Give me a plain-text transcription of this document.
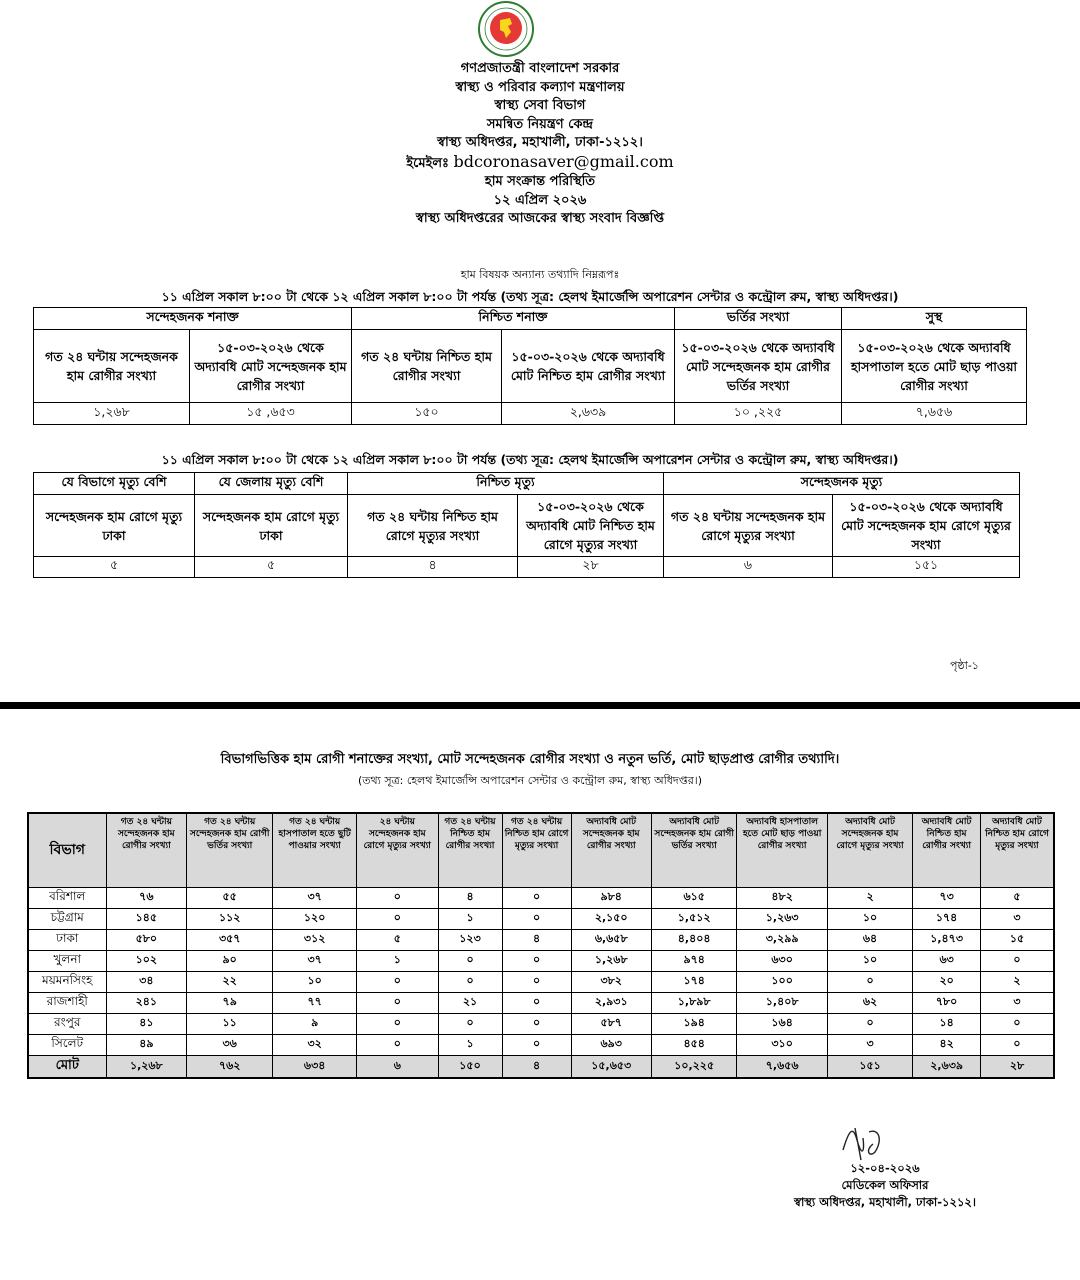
গণপ্রজাতন্ত্রী বাংলাদেশ সরকার
স্বাস্থ্য ও পরিবার কল্যাণ মন্ত্রণালয়
স্বাস্থ্য সেবা বিভাগ
সমন্বিত নিয়ন্ত্রণ কেন্দ্র
স্বাস্থ্য অধিদপ্তর, মহাখালী, ঢাকা-১২১২।
ইমেইলঃ bdcoronasaver@gmail.com
হাম সংক্রান্ত পরিস্থিতি
১২ এপ্রিল ২০২৬
স্বাস্থ্য অধিদপ্তরের আজকের স্বাস্থ্য সংবাদ বিজ্ঞপ্তি
হাম বিষয়ক অন্যান্য তথ্যাদি নিম্নরূপঃ
১১ এপ্রিল সকাল ৮:০০ টা থেকে ১২ এপ্রিল সকাল ৮:০০ টা পর্যন্ত (তথ্য সূত্র: হেলথ ইমার্জেন্সি অপারেশন সেন্টার ও কন্ট্রোল রুম, স্বাস্থ্য অধিদপ্তর।)
সন্দেহজনক শনাক্ত		নিশ্চিত শনাক্ত		ভর্তির সংখ্যা	সুস্থ
গত ২৪ ঘন্টায় সন্দেহজনক হাম রোগীর সংখ্যা	১৫-০৩-২০২৬ থেকে অদ্যাবধি মোট সন্দেহজনক হাম রোগীর সংখ্যা	গত ২৪ ঘন্টায় নিশ্চিত হাম রোগীর সংখ্যা	১৫-০৩-২০২৬ থেকে অদ্যাবধি মোট নিশ্চিত হাম রোগীর সংখ্যা	১৫-০৩-২০২৬ থেকে অদ্যাবধি মোট সন্দেহজনক হাম রোগীর ভর্তির সংখ্যা	১৫-০৩-২০২৬ থেকে অদ্যাবধি হাসপাতাল হতে মোট ছাড় পাওয়া রোগীর সংখ্যা
১,২৬৮	১৫ ,৬৫৩	১৫০	২,৬৩৯	১০ ,২২৫	৭,৬৫৬
১১ এপ্রিল সকাল ৮:০০ টা থেকে ১২ এপ্রিল সকাল ৮:০০ টা পর্যন্ত (তথ্য সূত্র: হেলথ ইমার্জেন্সি অপারেশন সেন্টার ও কন্ট্রোল রুম, স্বাস্থ্য অধিদপ্তর।)
যে বিভাগে মৃত্যু বেশি	যে জেলায় মৃত্যু বেশি	নিশ্চিত মৃত্যু		সন্দেহজনক মৃত্যু	
সন্দেহজনক হাম রোগে মৃত্যু ঢাকা	সন্দেহজনক হাম রোগে মৃত্যু ঢাকা	গত ২৪ ঘন্টায় নিশ্চিত হাম রোগে মৃত্যুর সংখ্যা	১৫-০৩-২০২৬ থেকে অদ্যাবধি মোট নিশ্চিত হাম রোগে মৃত্যুর সংখ্যা	গত ২৪ ঘন্টায় সন্দেহজনক হাম রোগে মৃত্যুর সংখ্যা	১৫-০৩-২০২৬ থেকে অদ্যাবধি মোট সন্দেহজনক হাম রোগে মৃত্যুর সংখ্যা
৫	৫	৪	২৮	৬	১৫১
পৃষ্ঠা-১
বিভাগভিত্তিক হাম রোগী শনাক্তের সংখ্যা, মোট সন্দেহজনক রোগীর সংখ্যা ও নতুন ভর্তি, মোট ছাড়প্রাপ্ত রোগীর তথ্যাদি।
(তথ্য সূত্র: হেলথ ইমার্জেন্সি অপারেশন সেন্টার ও কন্ট্রোল রুম, স্বাস্থ্য অধিদপ্তর।)
বিভাগ	গত ২৪ ঘন্টায় সন্দেহজনক হাম রোগীর সংখ্যা	গত ২৪ ঘন্টায় সন্দেহজনক হাম রোগী ভর্তির সংখ্যা	গত ২৪ ঘন্টায় হাসপাতাল হতে ছুটি পাওয়ার সংখ্যা	২৪ ঘন্টায় সন্দেহজনক হাম রোগে মৃত্যুর সংখ্যা	গত ২৪ ঘন্টায় নিশ্চিত হাম রোগীর সংখ্যা	গত ২৪ ঘন্টায় নিশ্চিত হাম রোগে মৃত্যুর সংখ্যা	অদ্যাবধি মোট সন্দেহজনক হাম রোগীর সংখ্যা	অদ্যাবধি মোট সন্দেহজনক হাম রোগী ভর্তির সংখ্যা	অদ্যাবধি হাসপাতাল হতে মোট ছাড় পাওয়া রোগীর সংখ্যা	অদ্যাবধি মোট সন্দেহজনক হাম রোগে মৃত্যুর সংখ্যা	অদ্যাবধি মোট নিশ্চিত হাম রোগীর সংখ্যা	অদ্যাবধি মোট নিশ্চিত হাম রোগে মৃত্যুর সংখ্যা
বরিশাল	৭৬	৫৫	৩৭	০	৪	০	৯৮৪	৬১৫	৪৮২	২	৭৩	৫
চট্টগ্রাম	১৪৫	১১২	১২০	০	১	০	২,১৫০	১,৫১২	১,২৬৩	১০	১৭৪	৩
ঢাকা	৫৮০	৩৫৭	৩১২	৫	১২৩	৪	৬,৬৫৮	৪,৪০৪	৩,২৯৯	৬৪	১,৪৭৩	১৫
খুলনা	১০২	৯০	৩৭	১	০	০	১,২৬৮	৯৭৪	৬৩০	১০	৬৩	০
ময়মনসিংহ	৩৪	২২	১০	০	০	০	৩৮২	১৭৪	১০০	০	২০	২
রাজশাহী	২৪১	৭৯	৭৭	০	২১	০	২,৯৩১	১,৮৯৮	১,৪০৮	৬২	৭৮০	৩
রংপুর	৪১	১১	৯	০	০	০	৫৮৭	১৯৪	১৬৪	০	১৪	০
সিলেট	৪৯	৩৬	৩২	০	১	০	৬৯৩	৪৫৪	৩১০	৩	৪২	০
মোট	১,২৬৮	৭৬২	৬৩৪	৬	১৫০	৪	১৫,৬৫৩	১০,২২৫	৭,৬৫৬	১৫১	২,৬৩৯	২৮
১২-০৪-২০২৬
মেডিকেল অফিসার
স্বাস্থ্য অধিদপ্তর, মহাখালী, ঢাকা-১২১২।
